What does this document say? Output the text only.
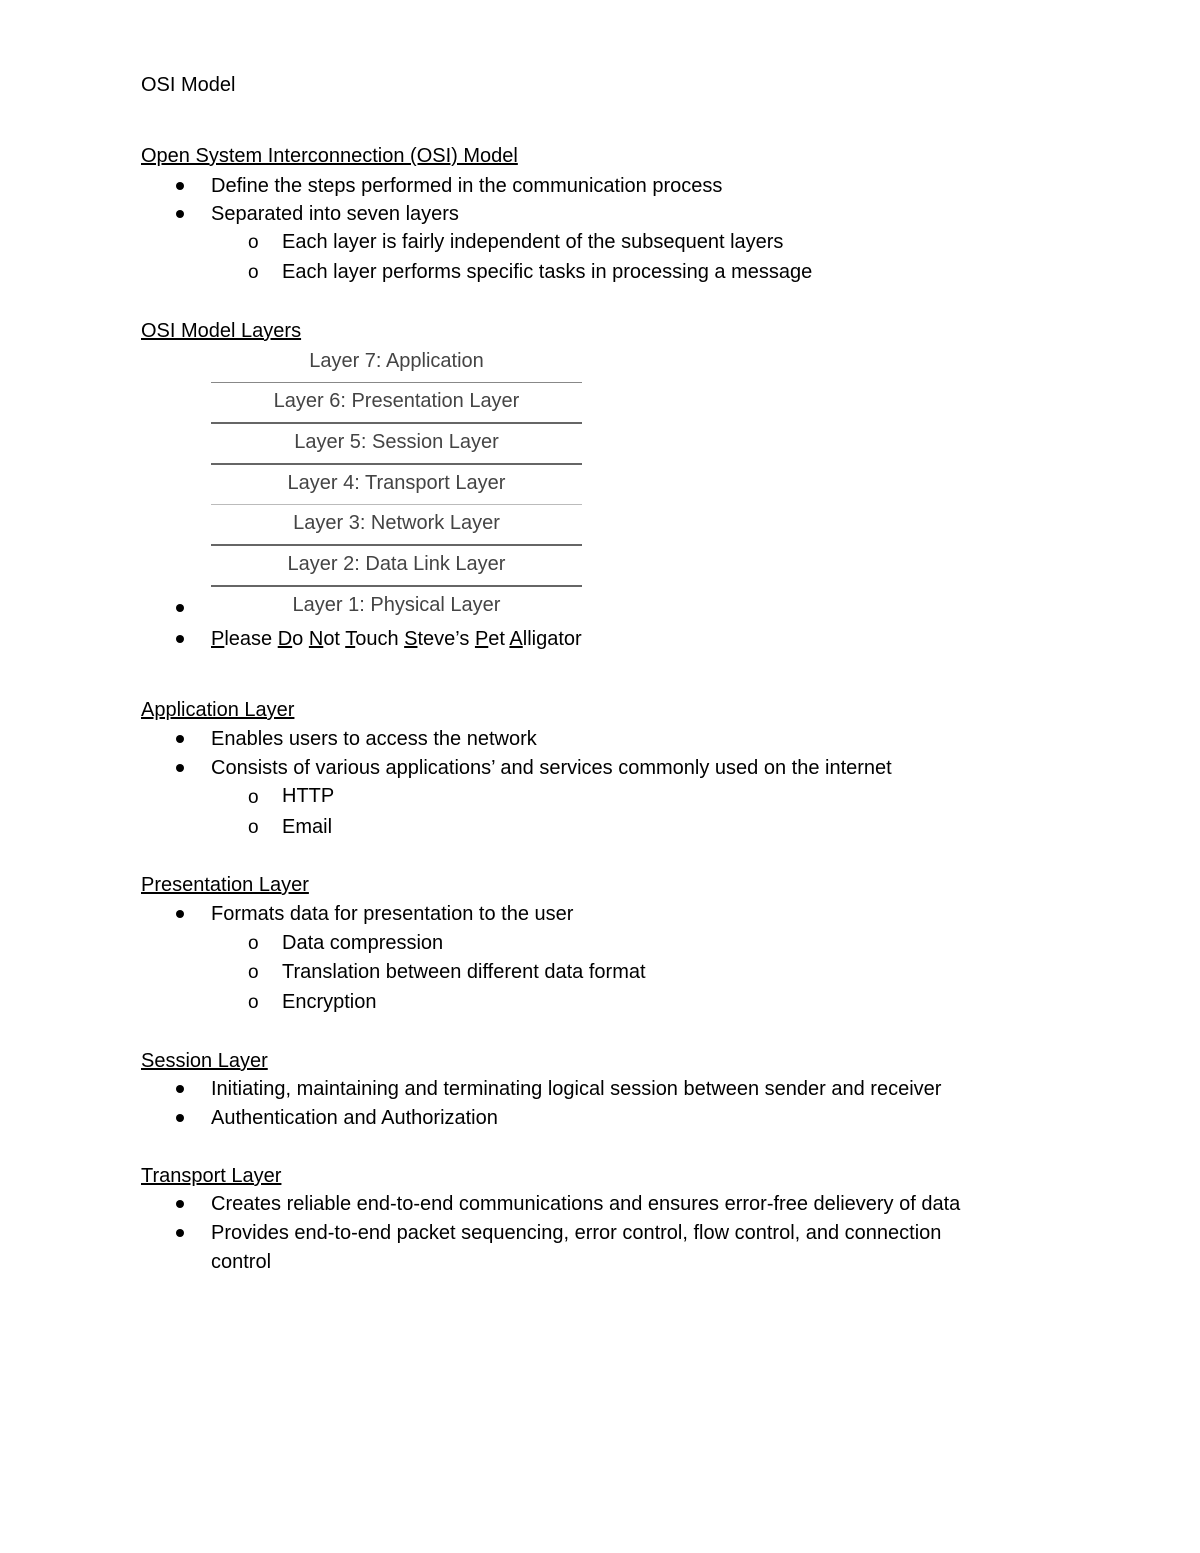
OSI Model
Open System Interconnection (OSI) Model
Define the steps performed in the communication process
Separated into seven layers
o Each layer is fairly independent of the subsequent layers
o Each layer performs specific tasks in processing a message
OSI Model Layers
Layer 7: Application
Layer 6: Presentation Layer
Layer 5: Session Layer
Layer 4: Transport Layer
Layer 3: Network Layer
Layer 2: Data Link Layer
Layer 1: Physical Layer
Please Do Not Touch Steve’s Pet Alligator
Application Layer
Enables users to access the network
Consists of various applications’ and services commonly used on the internet
o HTTP
o Email
Presentation Layer
Formats data for presentation to the user
o Data compression
o Translation between different data format
o Encryption
Session Layer
Initiating, maintaining and terminating logical session between sender and receiver
Authentication and Authorization
Transport Layer
Creates reliable end-to-end communications and ensures error-free delievery of data
Provides end-to-end packet sequencing, error control, flow control, and connection
control
